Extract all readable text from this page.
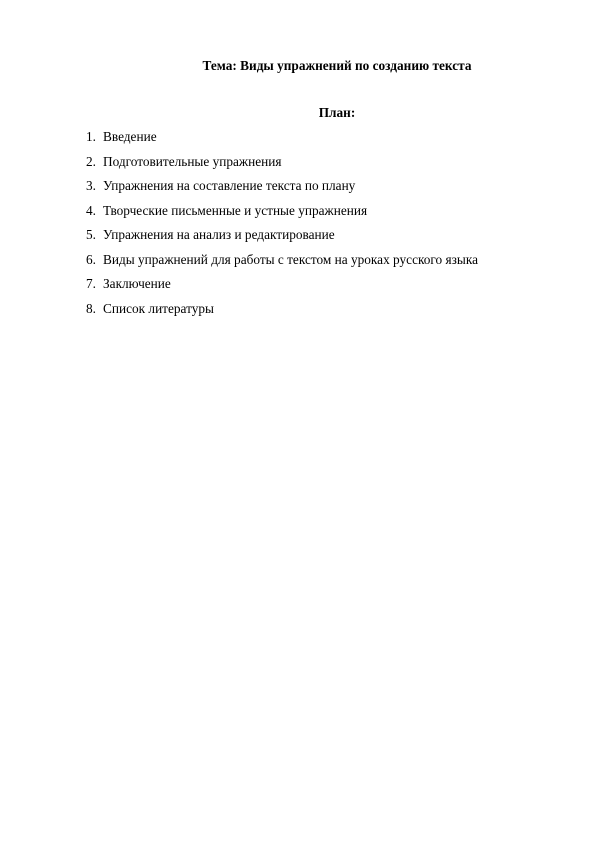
Тема: Виды упражнений по созданию текста
План:
1. Введение
2. Подготовительные упражнения
3. Упражнения на составление текста по плану
4. Творческие письменные и устные упражнения
5. Упражнения на анализ и редактирование
6. Виды упражнений для работы с текстом на уроках русского языка
7. Заключение
8. Список литературы
